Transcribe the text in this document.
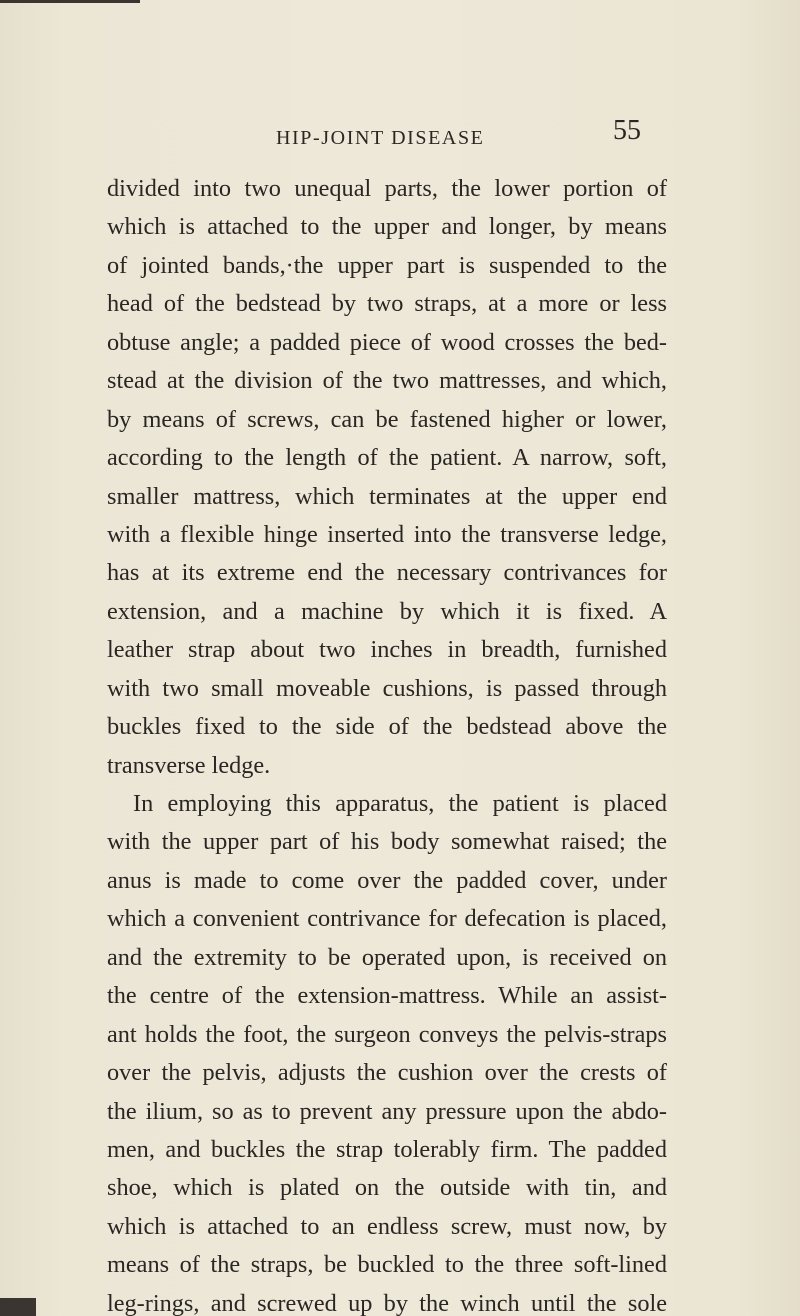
HIP-JOINT DISEASE	55
divided into two unequal parts, the lower portion of
which is attached to the upper and longer, by means
of jointed bands,·the upper part is suspended to the
head of the bedstead by two straps, at a more or less
obtuse angle; a padded piece of wood crosses the bed-
stead at the division of the two mattresses, and which,
by means of screws, can be fastened higher or lower,
according to the length of the patient. A narrow, soft,
smaller mattress, which terminates at the upper end
with a flexible hinge inserted into the transverse ledge,
has at its extreme end the necessary contrivances for
extension, and a machine by which it is fixed. A
leather strap about two inches in breadth, furnished
with two small moveable cushions, is passed through
buckles fixed to the side of the bedstead above the
transverse ledge.
In employing this apparatus, the patient is placed
with the upper part of his body somewhat raised; the
anus is made to come over the padded cover, under
which a convenient contrivance for defecation is placed,
and the extremity to be operated upon, is received on
the centre of the extension-mattress. While an assist-
ant holds the foot, the surgeon conveys the pelvis-straps
over the pelvis, adjusts the cushion over the crests of
the ilium, so as to prevent any pressure upon the abdo-
men, and buckles the strap tolerably firm. The padded
shoe, which is plated on the outside with tin, and
which is attached to an endless screw, must now, by
means of the straps, be buckled to the three soft-lined
leg-rings, and screwed up by the winch until the sole
